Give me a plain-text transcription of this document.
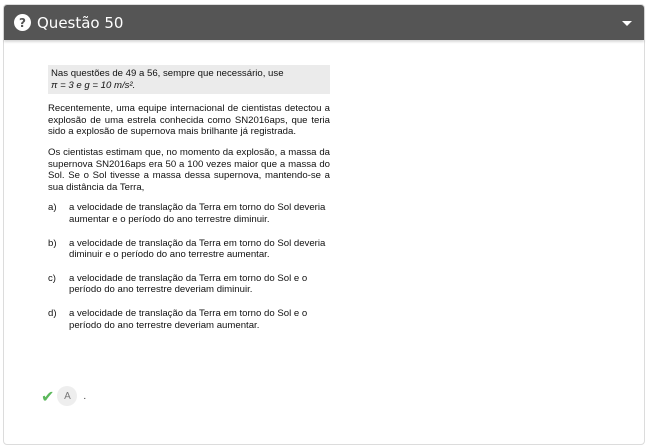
? Questão 50
Nas questões de 49 a 56, sempre que necessário, use
π = 3 e g = 10 m/s².

Recentemente, uma equipe internacional de cientistas detectou a explosão de uma estrela conhecida como SN2016aps, que teria sido a explosão de supernova mais brilhante já registrada.

Os cientistas estimam que, no momento da explosão, a massa da supernova SN2016aps era 50 a 100 vezes maior que a massa do Sol. Se o Sol tivesse a massa dessa supernova, mantendo-se a sua distância da Terra,

a)	a velocidade de translação da Terra em torno do Sol deveria aumentar e o período do ano terrestre diminuir.
b)	a velocidade de translação da Terra em torno do Sol deveria diminuir e o período do ano terrestre aumentar.
c)	a velocidade de translação da Terra em torno do Sol e o período do ano terrestre deveriam diminuir.
d)	a velocidade de translação da Terra em torno do Sol e o período do ano terrestre deveriam aumentar.
✔ A	.
